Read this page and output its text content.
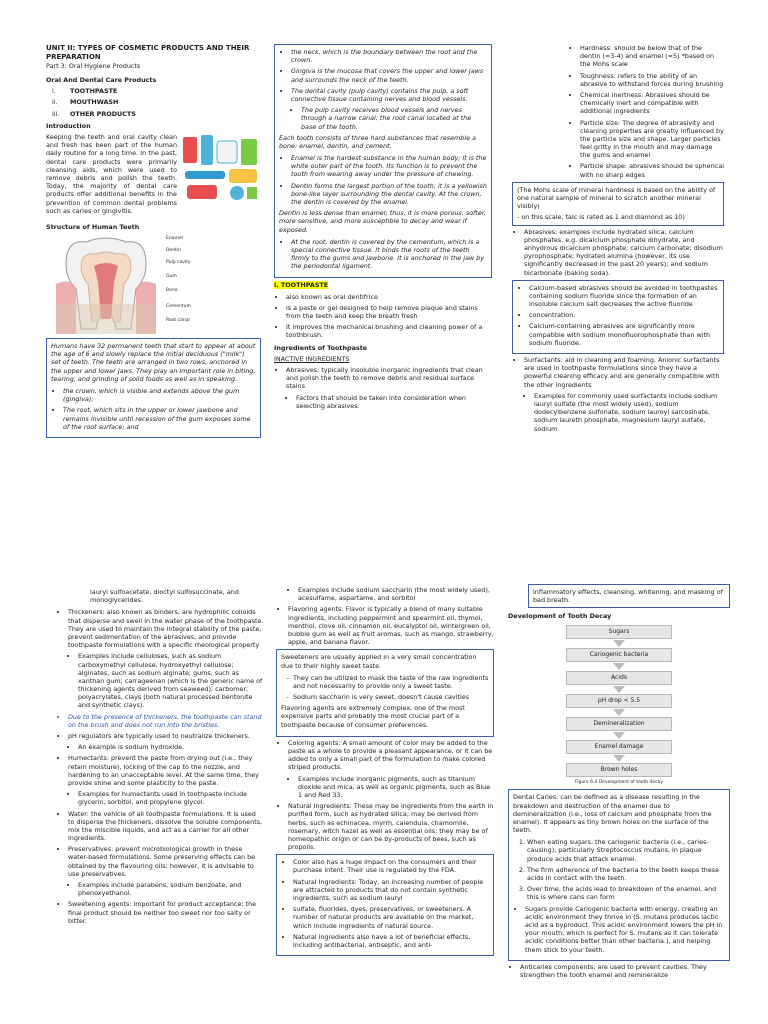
UNIT II: TYPES OF COSMETIC PRODUCTS AND THEIR PREPARATION
Part 3: Oral Hygiene Products
Oral And Dental Care Products
i. TOOTHPASTE
ii. MOUTHWASH
iii. OTHER PRODUCTS
Introduction

Keeping the teeth and oral cavity clean and fresh has been part of the human daily routine for a long time. In the past, dental care products were primarily cleansing aids, which were used to remove debris and polish the teeth. Today, the majority of dental care products offer additional benefits in the prevention of common dental problems such as caries or gingivitis.

Structure of Human Teeth
Enamel
Dentin
Pulp cavity
Gum
Bone
Cementum
Root canal

Humans have 32 permanent teeth that start to appear at about the age of 6 and slowly replace the initial deciduous ("milk") set of teeth. The teeth are arranged in two rows, anchored in the upper and lower jaws. They play an important role in biting, tearing, and grinding of solid foods as well as in speaking.

• the crown, which is visible and extends above the gum (gingiva);
• The root, which sits in the upper or lower jawbone and remains invisible until recession of the gum exposes some of the root surface; and
• the neck, which is the boundary between the root and the crown.
• Gingiva is the mucosa that covers the upper and lower jaws and surrounds the neck of the teeth.
• The dental cavity (pulp cavity) contains the pulp, a soft connective tissue containing nerves and blood vessels.
• The pulp cavity receives blood vessels and nerves through a narrow canal, the root canal located at the base of the tooth.

Each tooth consists of three hard substances that resemble a bone: enamel, dentin, and cement.

• Enamel is the hardest substance in the human body; it is the white outer part of the tooth. Its function is to prevent the tooth from wearing away under the pressure of chewing.
• Dentin forms the largest portion of the tooth; it is a yellowish bone-like layer surrounding the dental cavity. At the crown, the dentin is covered by the enamel.

Dentin is less dense than enamel; thus, it is more porous, softer, more sensitive, and more susceptible to decay and wear if exposed.

• At the root, dentin is covered by the cementum, which is a special connective tissue. It binds the roots of the teeth firmly to the gums and jawbone. It is anchored in the jaw by the periodontal ligament.
i. TOOTHPASTE
• also known as oral dentifrice
• is a paste or gel designed to help remove plaque and stains from the teeth and keep the breath fresh
• It improves the mechanical brushing and cleaning power of a toothbrush.
Ingredients of Toothpaste
INACTIVE INGREDIENTS
• Abrasives: typically insoluble inorganic ingredients that clean and polish the teeth to remove debris and residual surface stains
• Factors that should be taken into consideration when selecting abrasives:
• Hardness: should be below that of the dentin (≈3-4) and enamel (≈5) *based on the Mohs scale
• Toughness: refers to the ability of an abrasive to withstand forces during brushing
• Chemical inertness: Abrasives should be chemically inert and compatible with additional ingredients
• Particle size: The degree of abrasivity and cleaning properties are greatly influenced by the particle size and shape. Larger particles feel gritty in the mouth and may damage the gums and enamel
• Particle shape: abrasives should be spherical with no sharp edges
(The Mohs scale of mineral hardness is based on the ability of one natural sample of mineral to scratch another mineral visibly)
- on this scale, talc is rated as 1 and diamond as 10)
• Abrasives: examples include hydrated silica; calcium phosphates, e.g. dicalcium phosphate dihydrate, and anhydrous dicalcium phosphate; calcium carbonate; disodium pyrophosphate; hydrated alumina (however, its use significantly decreased in the past 20 years); and sodium bicarbonate (baking soda).
• Calcium-based abrasives should be avoided in toothpastes containing sodium fluoride since the formation of an insoluble calcium salt decreases the active fluoride
• concentration.
• Calcium-containing abrasives are significantly more compatible with sodium monofluorophosphate than with sodium fluoride.
• Surfactants: aid in cleaning and foaming. Anionic surfactants are used in toothpaste formulations since they have a powerful cleaning efficacy and are generally compatible with the other ingredients
• Examples for commonly used surfactants include sodium lauryl sulfate (the most widely used), sodium dodecylbenzene sulfonate, sodium lauroyl sarcosinate, sodium laureth phosphate, magnesium lauryl sulfate, sodium

lauryl sulfoacetate, dioctyl sulfosuccinate, and monoglycerides.

• Thickeners: also known as binders, are hydrophilic colloids that disperse and swell in the water phase of the toothpaste. They are used to maintain the integral stability of the paste, prevent sedimentation of the abrasives, and provide toothpaste formulations with a specific rheological property
• Examples include celluloses, such as sodium carboxymethyl cellulose, hydroxyethyl cellulose; alginates, such as sodium alginate; gums, such as xanthan gum; carrageenan (which is the generic name of thickening agents derived from seaweed); carbomer; polyacrylates, clays (both natural processed bentonite and synthetic clays).
• Due to the presence of thickeners, the toothpaste can stand on the brush and does not run into the bristles.
• pH regulators are typically used to neutralize thickeners.
• An example is sodium hydroxide.
• Humectants: prevent the paste from drying out (i.e., they retain moisture), locking of the cap to the nozzle, and hardening to an unacceptable level. At the same time, they provide shine and some plasticity to the paste.
• Examples for humectants used in toothpaste include glycerin, sorbitol, and propylene glycol.
• Water: the vehicle of all toothpaste formulations. It is used to disperse the thickeners, dissolve the soluble components, mix the miscible liquids, and act as a carrier for all other ingredients.
• Preservatives: prevent microbiological growth in these water-based formulations. Some preserving effects can be obtained by the flavouring oils; however, it is advisable to use preservatives.
• Examples include parabens, sodium benzoate, and phenoxyethanol.
• Sweetening agents: important for product acceptance; the final product should be neither too sweet nor too salty or bitter.
• Examples include sodium saccharin (the most widely used), acesulfame, aspartame, and sorbitol
• Flavoring agents: Flavor is typically a blend of many suitable ingredients, including peppermint and spearmint oil, thymol, menthol, clove oil, cinnamon oil, eucalyptol oil, wintergreen oil, bubble gum as well as fruit aromas, such as mango, strawberry, apple, and banana flavor.

Sweeteners are usually applied in a very small concentration due to their highly sweet taste.

- They can be utilized to mask the taste of the raw ingredients and not necessarily to provide only a sweet taste.
- Sodium saccharin is very sweet, doesn't cause cavities

Flavoring agents are extremely complex, one of the most expensive parts and probably the most crucial part of a toothpaste because of consumer preferences.

• Coloring agents: A small amount of color may be added to the paste as a whole to provide a pleasant appearance, or it can be added to only a small part of the formulation to make colored striped products.
• Examples include inorganic pigments, such as titanium dioxide and mica, as well as organic pigments, such as Blue 1 and Red 33.
• Natural Ingredients: These may be ingredients from the earth in purified form, such as hydrated silica; may be derived from herbs, such as echinacea, myrrh, calendula, chamomile, rosemary, witch hazel as well as essential oils; they may be of homeopathic origin or can be by-products of bees, such as propolis.
• Color also has a huge impact on the consumers and their purchase intent. Their use is regulated by the FDA.
• Natural Ingredients: Today, an increasing number of people are attracted to products that do not contain synthetic ingredients, such as sodium lauryl
• sulfate, fluorides, dyes, preservatives, or sweeteners. A number of natural products are available on the market, which include ingredients of natural source.
• Natural ingredients also have a lot of beneficial effects, including antibacterial, antiseptic, and anti-
inflammatory effects, cleansing, whitening, and masking of bad breath.
Development of Tooth Decay
Sugars
Cariogenic bacteria
Acids
pH drop < 5.5
Demineralization
Enamel damage
Brown holes
Figure 6.4 Development of tooth decay

Dental Caries: can be defined as a disease resulting in the breakdown and destruction of the enamel due to demineralization (i.e., loss of calcium and phosphate from the enamel). It appears as tiny brown holes on the surface of the teeth.

1. When eating sugars, the cariogenic bacteria (i.e., caries-causing), particularly Streptococcus mutans, in plaque produce acids that attack enamel.
2. The firm adherence of the bacteria to the teeth keeps these acids in contact with the teeth.
3. Over time, the acids lead to breakdown of the enamel, and this is where cans can form
• Sugars provide Cariogenic bacteria with energy, creating an acidic environment they thrive in (S. mutans produces lactic acid as a byproduct. This acidic environment lowers the pH in your mouth, which is perfect for S. mutans as it can tolerate acidic conditions better than other bacteria.), and helping them stick to your teeth.
• Anticaries components: are used to prevent cavities. They strengthen the tooth enamel and remineralize
